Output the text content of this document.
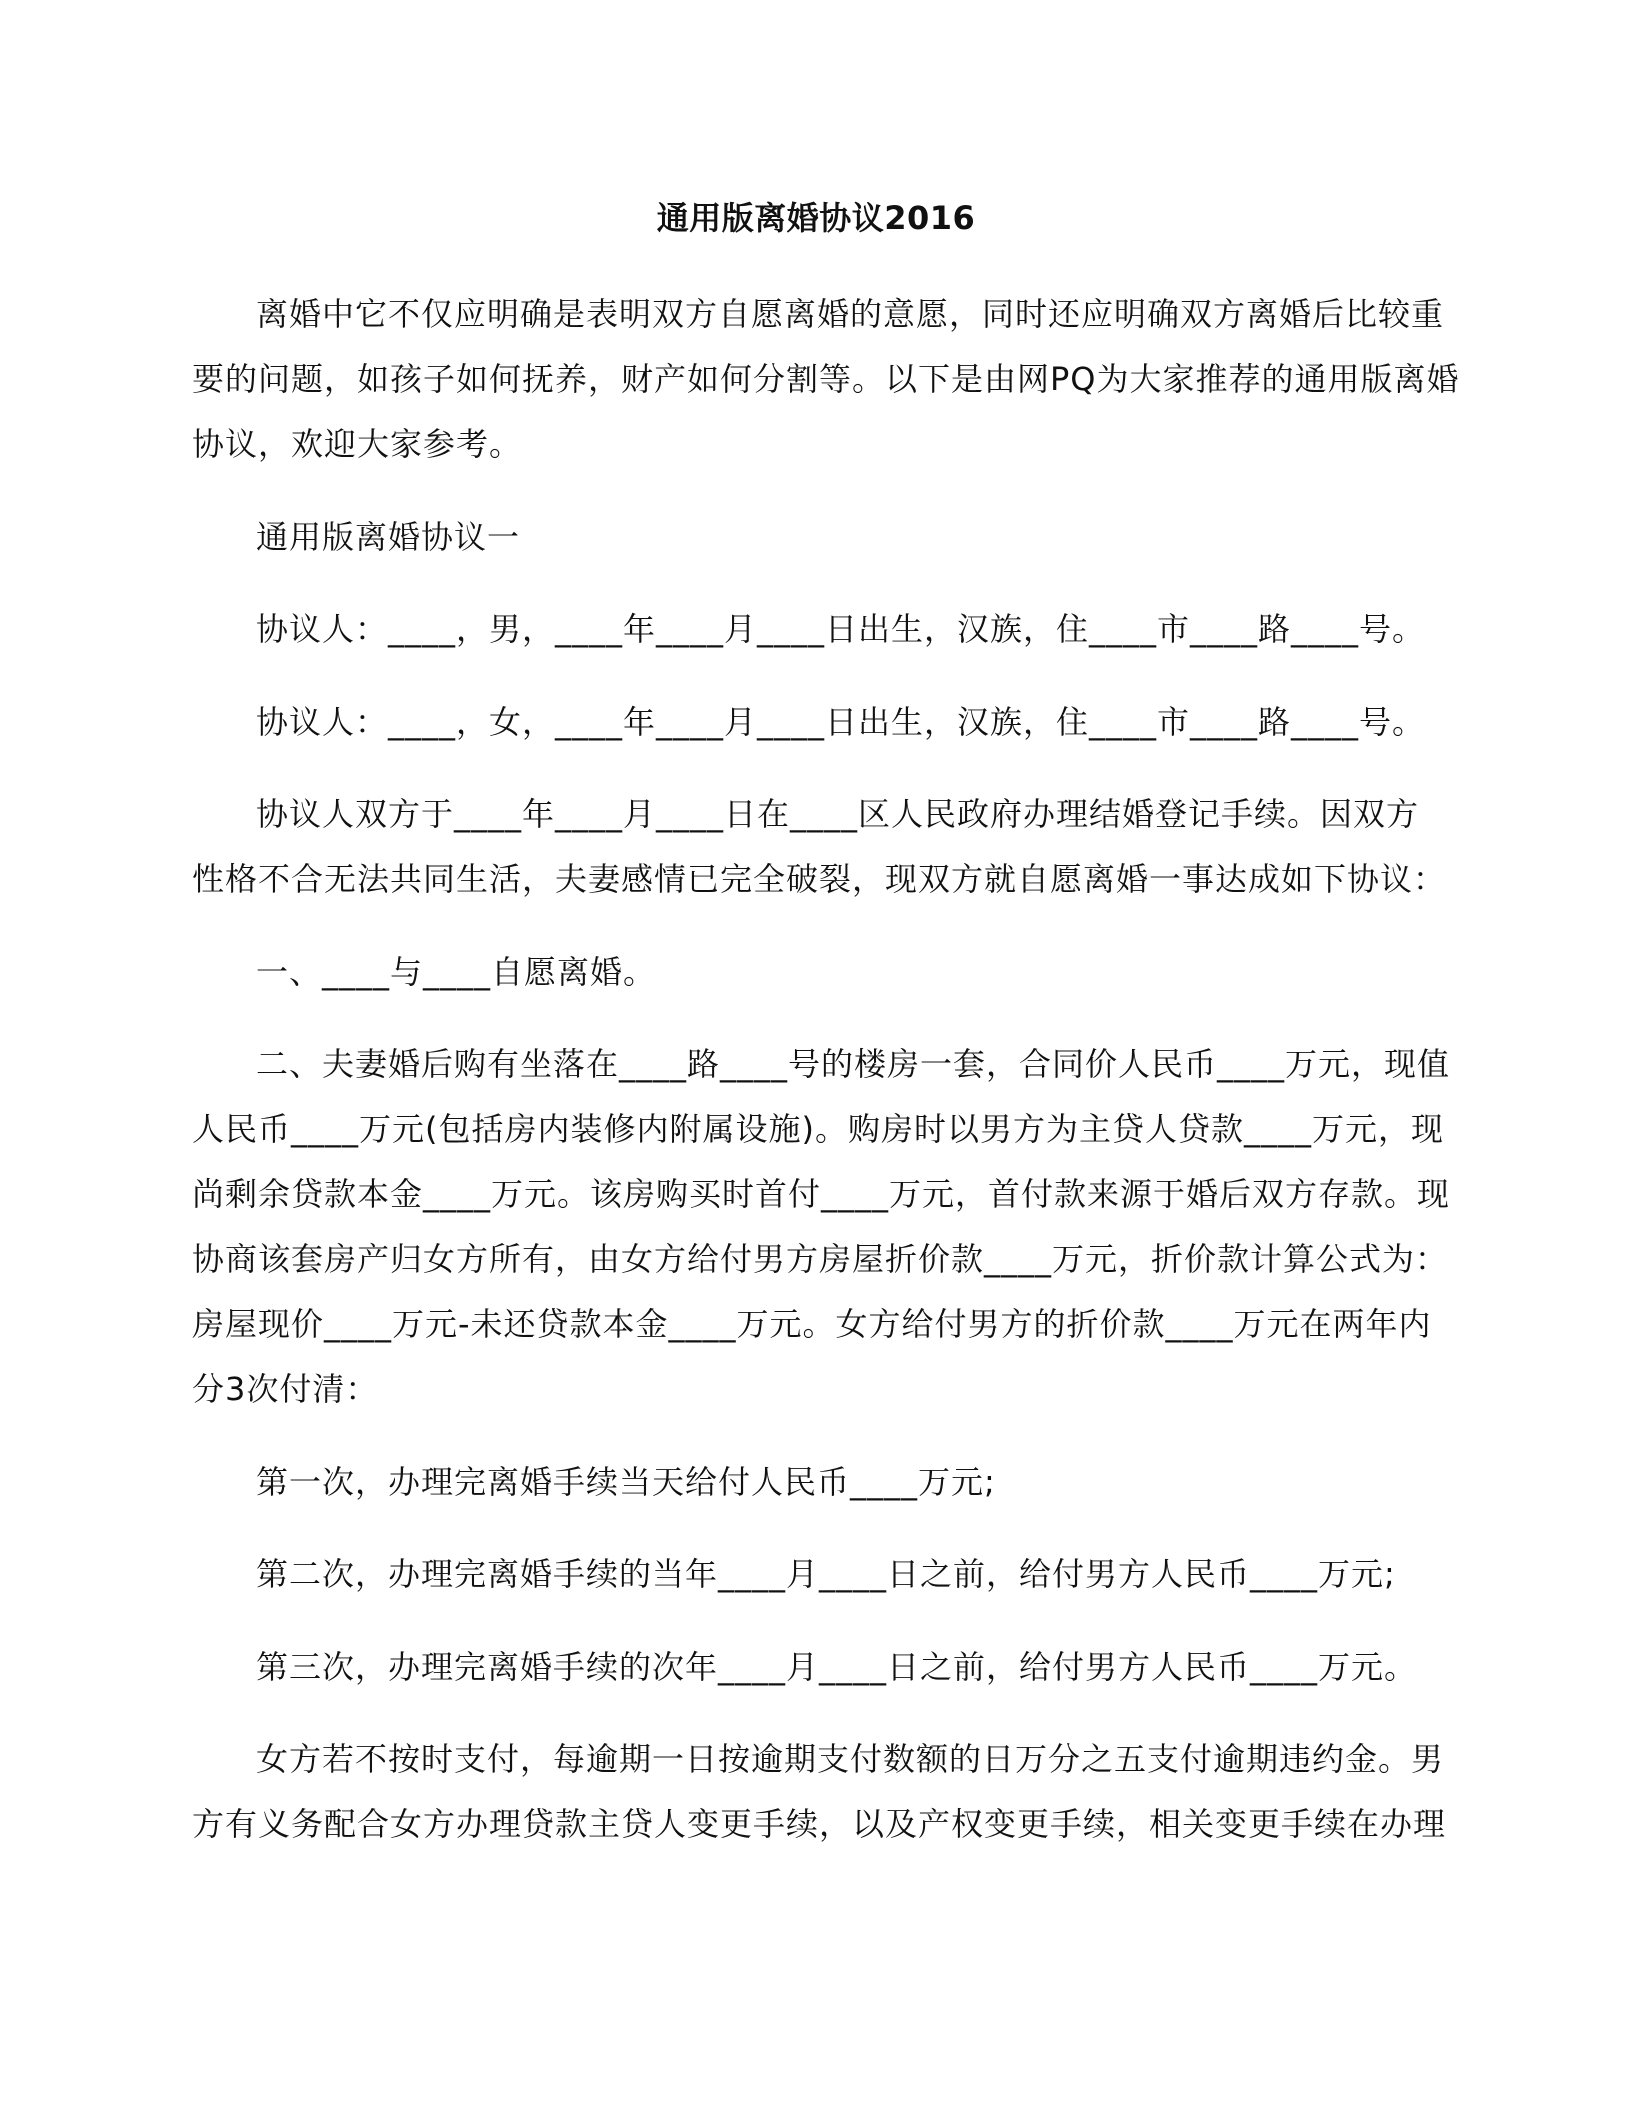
通用版离婚协议2016
离婚中它不仅应明确是表明双方自愿离婚的意愿，同时还应明确双方离婚后比较重
要的问题，如孩子如何抚养，财产如何分割等。以下是由网PQ为大家推荐的通用版离婚
协议，欢迎大家参考。
通用版离婚协议一
协议人：____，男，____年____月____日出生，汉族，住____市____路____号。
协议人：____，女，____年____月____日出生，汉族，住____市____路____号。
协议人双方于____年____月____日在____区人民政府办理结婚登记手续。因双方
性格不合无法共同生活，夫妻感情已完全破裂，现双方就自愿离婚一事达成如下协议：
一、____与____自愿离婚。
二、夫妻婚后购有坐落在____路____号的楼房一套，合同价人民币____万元，现值
人民币____万元(包括房内装修内附属设施)。购房时以男方为主贷人贷款____万元，现
尚剩余贷款本金____万元。该房购买时首付____万元，首付款来源于婚后双方存款。现
协商该套房产归女方所有，由女方给付男方房屋折价款____万元，折价款计算公式为：
房屋现价____万元-未还贷款本金____万元。女方给付男方的折价款____万元在两年内
分3次付清：
第一次，办理完离婚手续当天给付人民币____万元;
第二次，办理完离婚手续的当年____月____日之前，给付男方人民币____万元;
第三次，办理完离婚手续的次年____月____日之前，给付男方人民币____万元。
女方若不按时支付，每逾期一日按逾期支付数额的日万分之五支付逾期违约金。男
方有义务配合女方办理贷款主贷人变更手续，以及产权变更手续，相关变更手续在办理
